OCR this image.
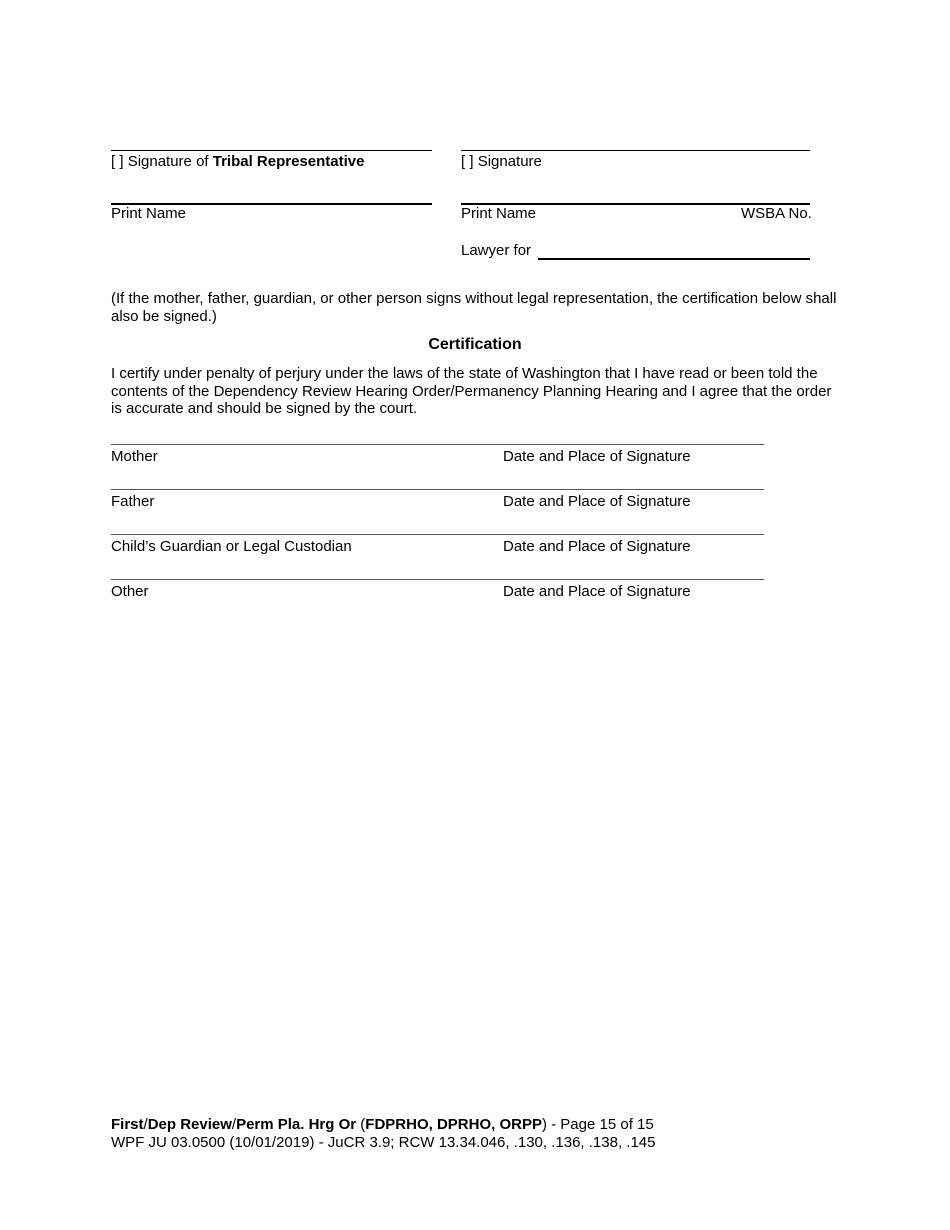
[ ] Signature of Tribal Representative	[ ] Signature
Print Name	Print Name	WSBA No.
Lawyer for
(If the mother, father, guardian, or other person signs without legal representation, the certification below shall also be signed.)
Certification
I certify under penalty of perjury under the laws of the state of Washington that I have read or been told the contents of the Dependency Review Hearing Order/Permanency Planning Hearing and I agree that the order is accurate and should be signed by the court.
Mother	Date and Place of Signature
Father	Date and Place of Signature
Child’s Guardian or Legal Custodian	Date and Place of Signature
Other	Date and Place of Signature
First/Dep Review/Perm Pla. Hrg Or (FDPRHO, DPRHO, ORPP) - Page 15 of 15
WPF JU 03.0500 (10/01/2019) - JuCR 3.9; RCW 13.34.046, .130, .136, .138, .145
